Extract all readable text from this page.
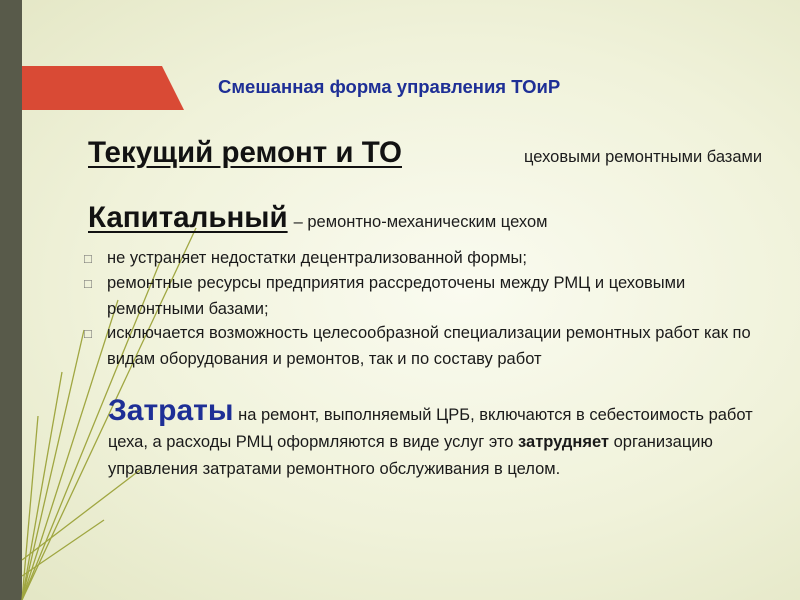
Смешанная форма управления ТОиР
Текущий ремонт и ТО	цеховыми ремонтными базами
Капитальный – ремонтно-механическим цехом
□ не устраняет недостатки децентрализованной формы;
□ ремонтные ресурсы предприятия рассредоточены между РМЦ и цеховыми ремонтными базами;
□ исключается возможность целесообразной специализации ремонтных работ как по видам оборудования и ремонтов, так и по составу работ
Затраты на ремонт, выполняемый ЦРБ, включаются в себестоимость работ цеха, а расходы РМЦ оформляются в виде услуг это затрудняет организацию управления затратами ремонтного обслуживания в целом.
